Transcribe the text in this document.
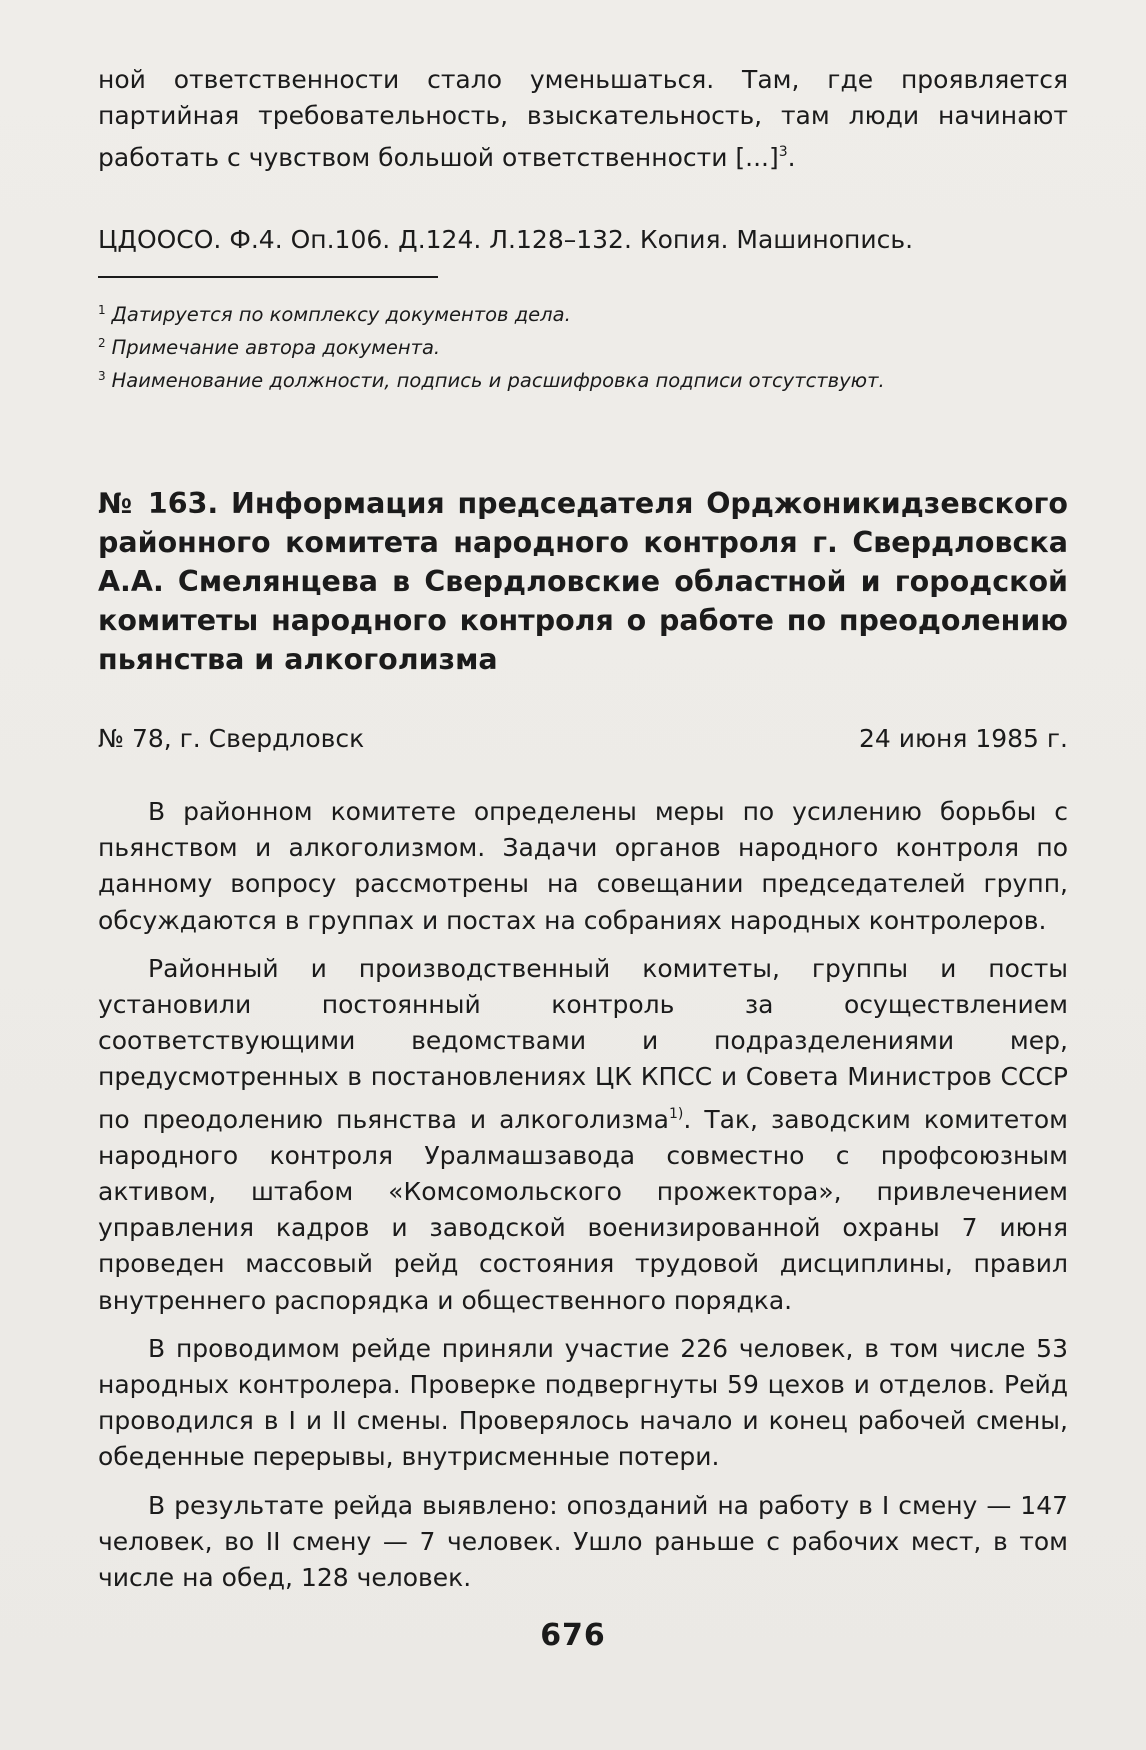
ной ответственности стало уменьшаться. Там, где проявляется партийная требовательность, взыскательность, там люди начинают работать с чувством большой ответственности [...]$^3$.
ЦДООСО. Ф.4. Оп.106. Д.124. Л.128–132. Копия. Машинопись.
$^1$ Датируется по комплексу документов дела.
$^2$ Примечание автора документа.
$^3$ Наименование должности, подпись и расшифровка подписи отсутствуют.
№ 163. Информация председателя Орджоникидзевского районного комитета народного контроля г. Свердловска А.А. Смелянцева в Свердловские областной и городской комитеты народного контроля о работе по преодолению пьянства и алкоголизма
№ 78, г. Свердловск	24 июня 1985 г.

В районном комитете определены меры по усилению борьбы с пьянством и алкоголизмом. Задачи органов народного контроля по данному вопросу рассмотрены на совещании председателей групп, обсуждаются в группах и постах на собраниях народных контролеров.

Районный и производственный комитеты, группы и посты установили постоянный контроль за осуществлением соответствующими ведомствами и подразделениями мер, предусмотренных в постановлениях ЦК КПСС и Совета Министров СССР по преодолению пьянства и алкоголизма$^{1)}$. Так, заводским комитетом народного контроля Уралмашзавода совместно с профсоюзным активом, штабом «Комсомольского прожектора», привлечением управления кадров и заводской военизированной охраны 7 июня проведен массовый рейд состояния трудовой дисциплины, правил внутреннего распорядка и общественного порядка.

В проводимом рейде приняли участие 226 человек, в том числе 53 народных контролера. Проверке подвергнуты 59 цехов и отделов. Рейд проводился в I и II смены. Проверялось начало и конец рабочей смены, обеденные перерывы, внутрисменные потери.

В результате рейда выявлено: опозданий на работу в I смену — 147 человек, во II смену — 7 человек. Ушло раньше с рабочих мест, в том числе на обед, 128 человек.

676
